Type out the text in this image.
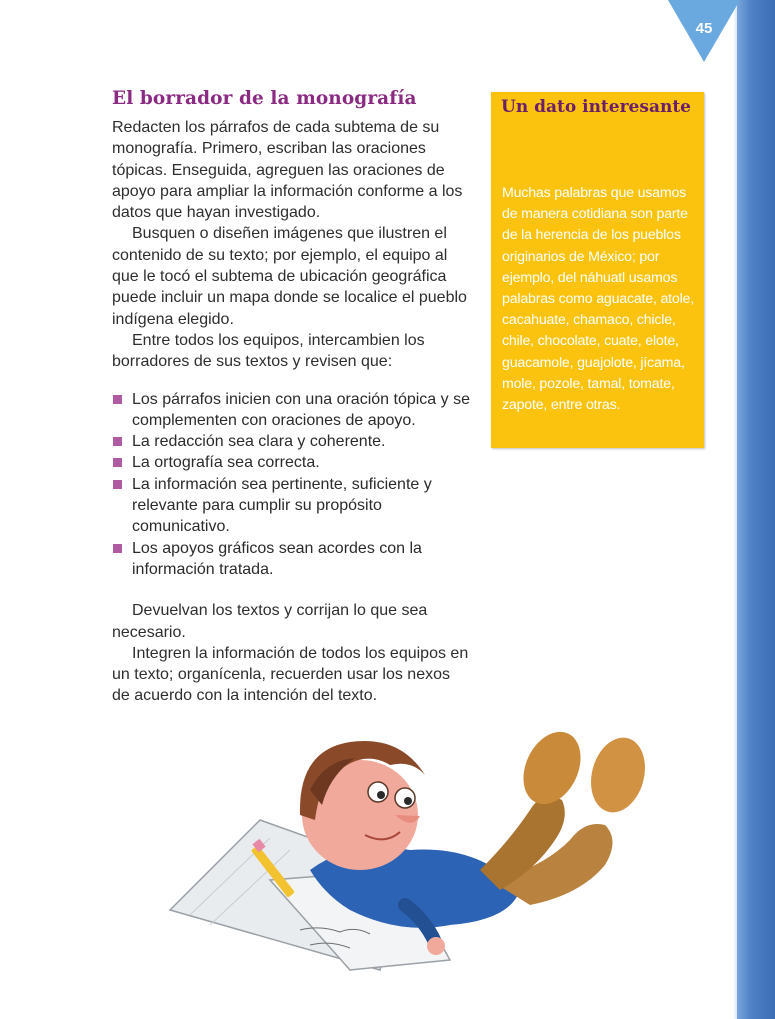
45
El borrador de la monografía

Redacten los párrafos de cada subtema de su monografía. Primero, escriban las oraciones tópicas. Enseguida, agreguen las oraciones de apoyo para ampliar la información conforme a los datos que hayan investigado.

Busquen o diseñen imágenes que ilustren el contenido de su texto; por ejemplo, el equipo al que le tocó el subtema de ubicación geográfica puede incluir un mapa donde se localice el pueblo indígena elegido.

Entre todos los equipos, intercambien los borradores de sus textos y revisen que:

Los párrafos inicien con una oración tópica y se complementen con oraciones de apoyo.
La redacción sea clara y coherente.
La ortografía sea correcta.
La información sea pertinente, suficiente y relevante para cumplir su propósito comunicativo.
Los apoyos gráficos sean acordes con la información tratada.

Devuelvan los textos y corrijan lo que sea necesario.

Integren la información de todos los equipos en un texto; organícenla, recuerden usar los nexos de acuerdo con la intención del texto.

Un dato interesante

Muchas palabras que usamos de manera cotidiana son parte de la herencia de los pueblos originarios de México; por ejemplo, del náhuatl usamos palabras como aguacate, atole, cacahuate, chamaco, chicle, chile, chocolate, cuate, elote, guacamole, guajolote, jícama, mole, pozole, tamal, tomate, zapote, entre otras.
